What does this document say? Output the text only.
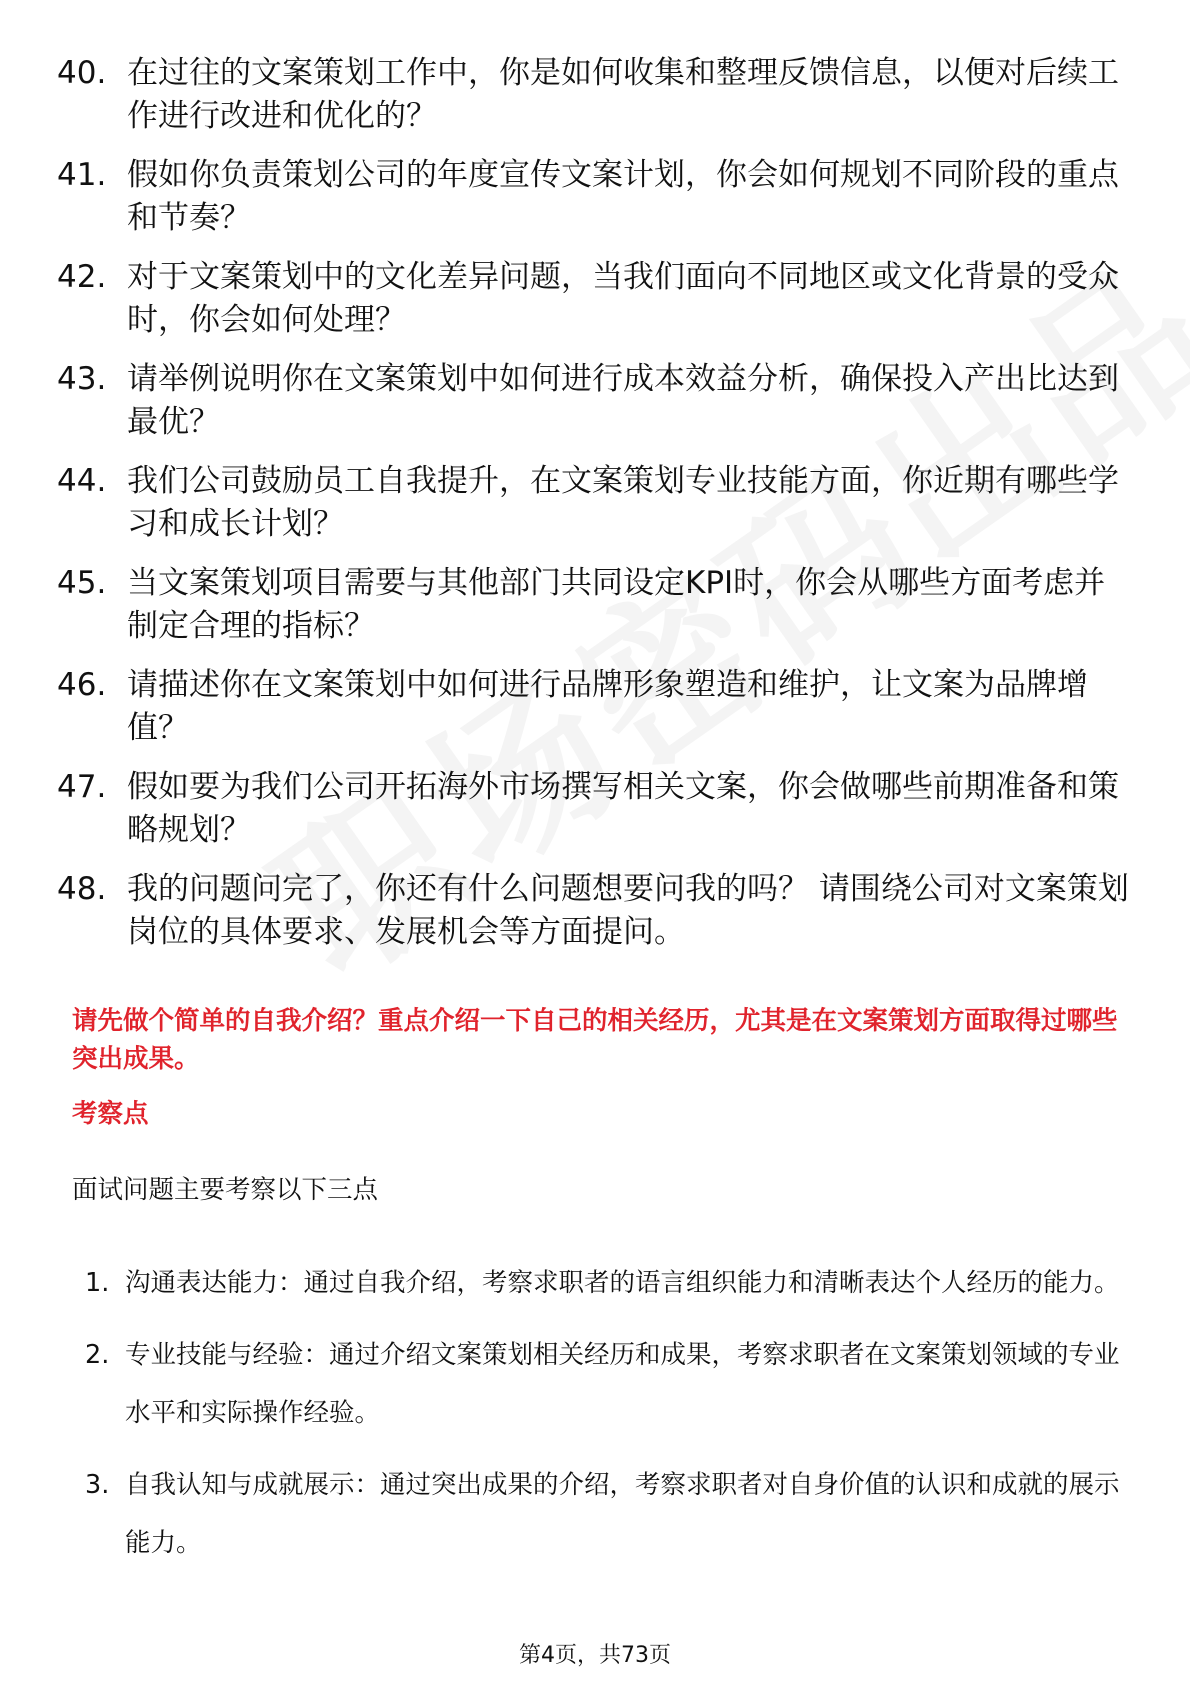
40. 在过往的文案策划工作中，你是如何收集和整理反馈信息，以便对后续工作进行改进和优化的？
41. 假如你负责策划公司的年度宣传文案计划，你会如何规划不同阶段的重点和节奏？
42. 对于文案策划中的文化差异问题，当我们面向不同地区或文化背景的受众时，你会如何处理？
43. 请举例说明你在文案策划中如何进行成本效益分析，确保投入产出比达到最优？
44. 我们公司鼓励员工自我提升，在文案策划专业技能方面，你近期有哪些学习和成长计划？
45. 当文案策划项目需要与其他部门共同设定KPI时，你会从哪些方面考虑并制定合理的指标？
46. 请描述你在文案策划中如何进行品牌形象塑造和维护，让文案为品牌增值？
47. 假如要为我们公司开拓海外市场撰写相关文案，你会做哪些前期准备和策略规划？
48. 我的问题问完了，你还有什么问题想要问我的吗？ 请围绕公司对文案策划岗位的具体要求、发展机会等方面提问。
请先做个简单的自我介绍？重点介绍一下自己的相关经历，尤其是在文案策划方面取得过哪些突出成果。
考察点
面试问题主要考察以下三点
1. 沟通表达能力：通过自我介绍，考察求职者的语言组织能力和清晰表达个人经历的能力。
2. 专业技能与经验：通过介绍文案策划相关经历和成果，考察求职者在文案策划领域的专业水平和实际操作经验。
3. 自我认知与成就展示：通过突出成果的介绍，考察求职者对自身价值的认识和成就的展示能力。
第4页，共73页
